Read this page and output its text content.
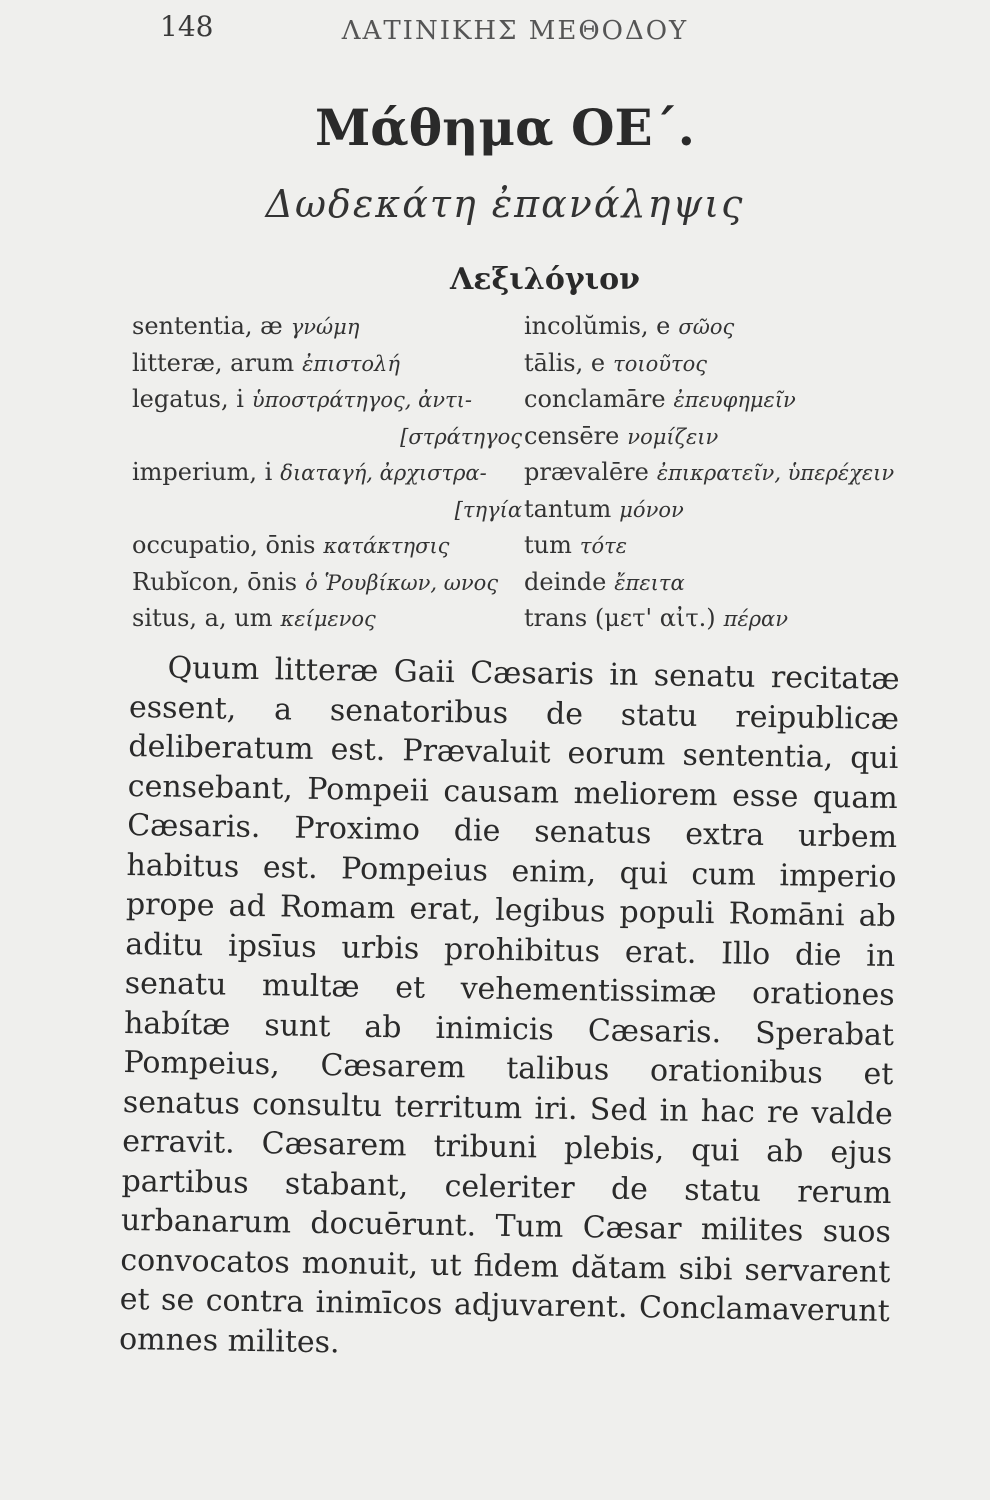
148	ΛΑΤΙΝΙΚΗΣ ΜΕΘΟΔΟΥ
Μάθημα ΟΕ΄.
Δωδεκάτη ἐπανάληψις
Λεξιλόγιον
sententia, æ γνώμη
litteræ, arum ἐπιστολή
legatus, i ὑποστράτηγος, ἀντι-
[στράτηγος
imperium, i διαταγή, ἀρχιστρα-
[τηγία
occupatio, ōnis κατάκτησις
Rubĭcon, ōnis ὁ Ῥουβίκων, ωνος
situs, a, um κείμενος
incolŭmis, e σῶος
tālis, e τοιοῦτος
conclamāre ἐπευφημεῖν
censēre νομίζειν
prævalēre ἐπικρατεῖν, ὑπερέχειν
tantum μόνον
tum τότε
deinde ἔπειτα
trans (μετ' αἰτ.) πέραν

Quum litteræ Gaii Cæsaris in senatu recitatæ essent, a senatoribus de statu reipublicæ deliberatum est. Prævaluit eorum sententia, qui censebant, Pompeii causam meliorem esse quam Cæsaris. Proximo die senatus extra urbem habitus est. Pompeius enim, qui cum imperio prope ad Romam erat, legibus populi Romāni ab aditu ipsīus urbis prohibitus erat. Illo die in senatu multæ et vehementissimæ orationes habítæ sunt ab inimicis Cæsaris. Sperabat Pompeius, Cæsarem talibus orationibus et senatus consultu territum iri. Sed in hac re valde erravit. Cæsarem tribuni plebis, qui ab ejus partibus stabant, celeriter de statu rerum urbanarum docuērunt. Tum Cæsar milites suos convocatos monuit, ut fidem dătam sibi servarent et se contra inimīcos adjuvarent. Conclamaverunt omnes milites.
